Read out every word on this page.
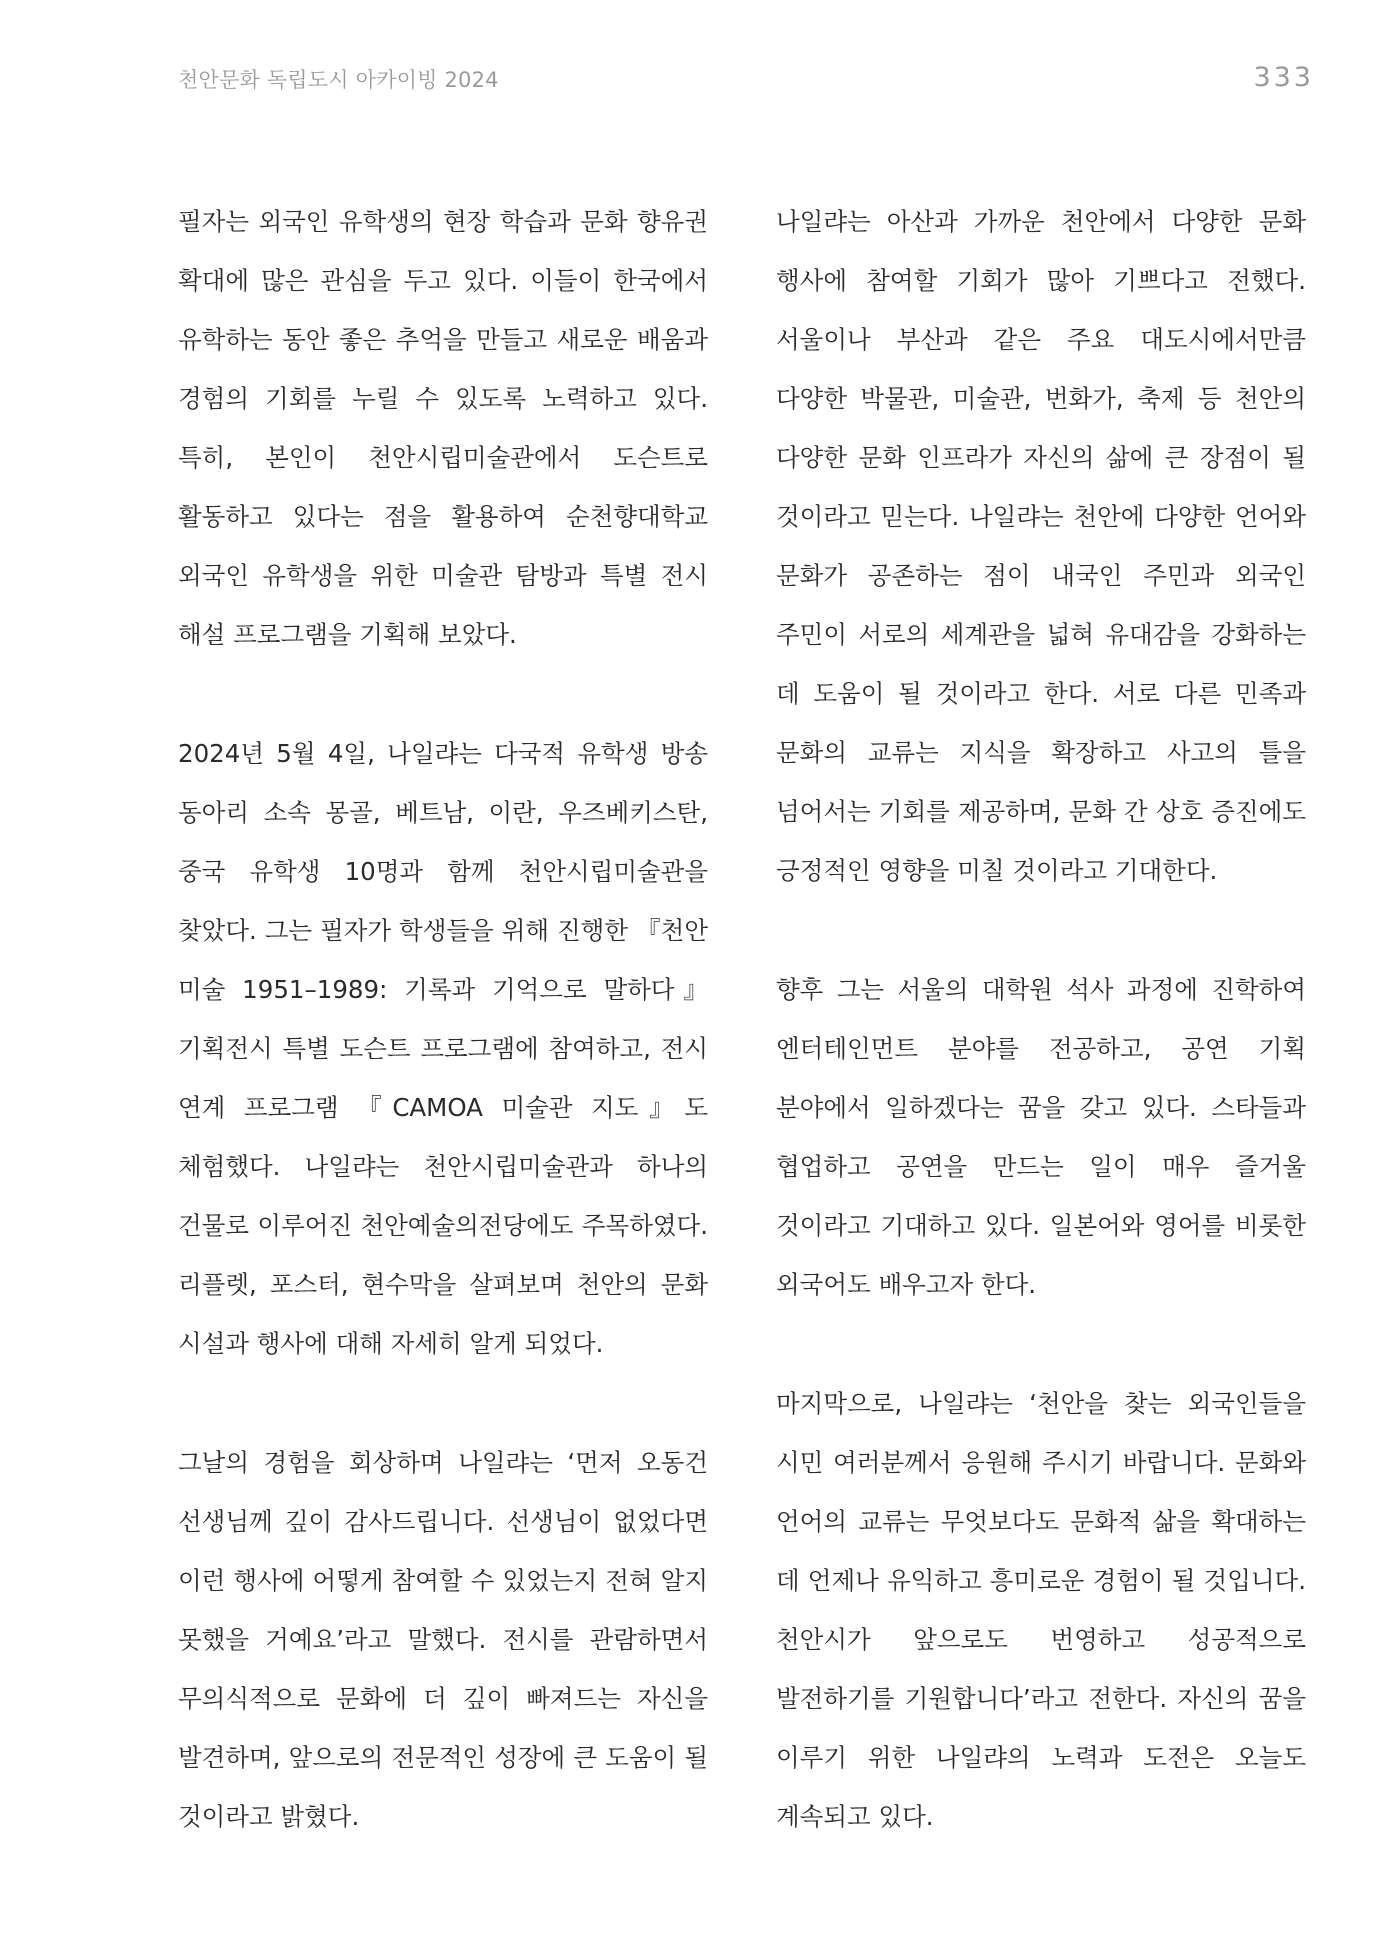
천안문화 독립도시 아카이빙 2024	333

필자는 외국인 유학생의 현장 학습과 문화 향유권 확대에 많은 관심을 두고 있다. 이들이 한국에서 유학하는 동안 좋은 추억을 만들고 새로운 배움과 경험의 기회를 누릴 수 있도록 노력하고 있다. 특히, 본인이 천안시립미술관에서 도슨트로 활동하고 있다는 점을 활용하여 순천향대학교 외국인 유학생을 위한 미술관 탐방과 특별 전시 해설 프로그램을 기획해 보았다.

2024년 5월 4일, 나일랴는 다국적 유학생 방송 동아리 소속 몽골, 베트남, 이란, 우즈베키스탄, 중국 유학생 10명과 함께 천안시립미술관을 찾았다. 그는 필자가 학생들을 위해 진행한 『천안 미술 1951–1989: 기록과 기억으로 말하다』 기획전시 특별 도슨트 프로그램에 참여하고, 전시 연계 프로그램 『CAMOA 미술관 지도』도 체험했다. 나일랴는 천안시립미술관과 하나의 건물로 이루어진 천안예술의전당에도 주목하였다. 리플렛, 포스터, 현수막을 살펴보며 천안의 문화 시설과 행사에 대해 자세히 알게 되었다.

그날의 경험을 회상하며 나일랴는 ‘먼저 오동건 선생님께 깊이 감사드립니다. 선생님이 없었다면 이런 행사에 어떻게 참여할 수 있었는지 전혀 알지 못했을 거예요’라고 말했다. 전시를 관람하면서 무의식적으로 문화에 더 깊이 빠져드는 자신을 발견하며, 앞으로의 전문적인 성장에 큰 도움이 될 것이라고 밝혔다.

나일랴는 아산과 가까운 천안에서 다양한 문화 행사에 참여할 기회가 많아 기쁘다고 전했다. 서울이나 부산과 같은 주요 대도시에서만큼 다양한 박물관, 미술관, 번화가, 축제 등 천안의 다양한 문화 인프라가 자신의 삶에 큰 장점이 될 것이라고 믿는다. 나일랴는 천안에 다양한 언어와 문화가 공존하는 점이 내국인 주민과 외국인 주민이 서로의 세계관을 넓혀 유대감을 강화하는 데 도움이 될 것이라고 한다. 서로 다른 민족과 문화의 교류는 지식을 확장하고 사고의 틀을 넘어서는 기회를 제공하며, 문화 간 상호 증진에도 긍정적인 영향을 미칠 것이라고 기대한다.

향후 그는 서울의 대학원 석사 과정에 진학하여 엔터테인먼트 분야를 전공하고, 공연 기획 분야에서 일하겠다는 꿈을 갖고 있다. 스타들과 협업하고 공연을 만드는 일이 매우 즐거울 것이라고 기대하고 있다. 일본어와 영어를 비롯한 외국어도 배우고자 한다.

마지막으로, 나일랴는 ‘천안을 찾는 외국인들을 시민 여러분께서 응원해 주시기 바랍니다. 문화와 언어의 교류는 무엇보다도 문화적 삶을 확대하는 데 언제나 유익하고 흥미로운 경험이 될 것입니다. 천안시가 앞으로도 번영하고 성공적으로 발전하기를 기원합니다’라고 전한다. 자신의 꿈을 이루기 위한 나일랴의 노력과 도전은 오늘도 계속되고 있다.
